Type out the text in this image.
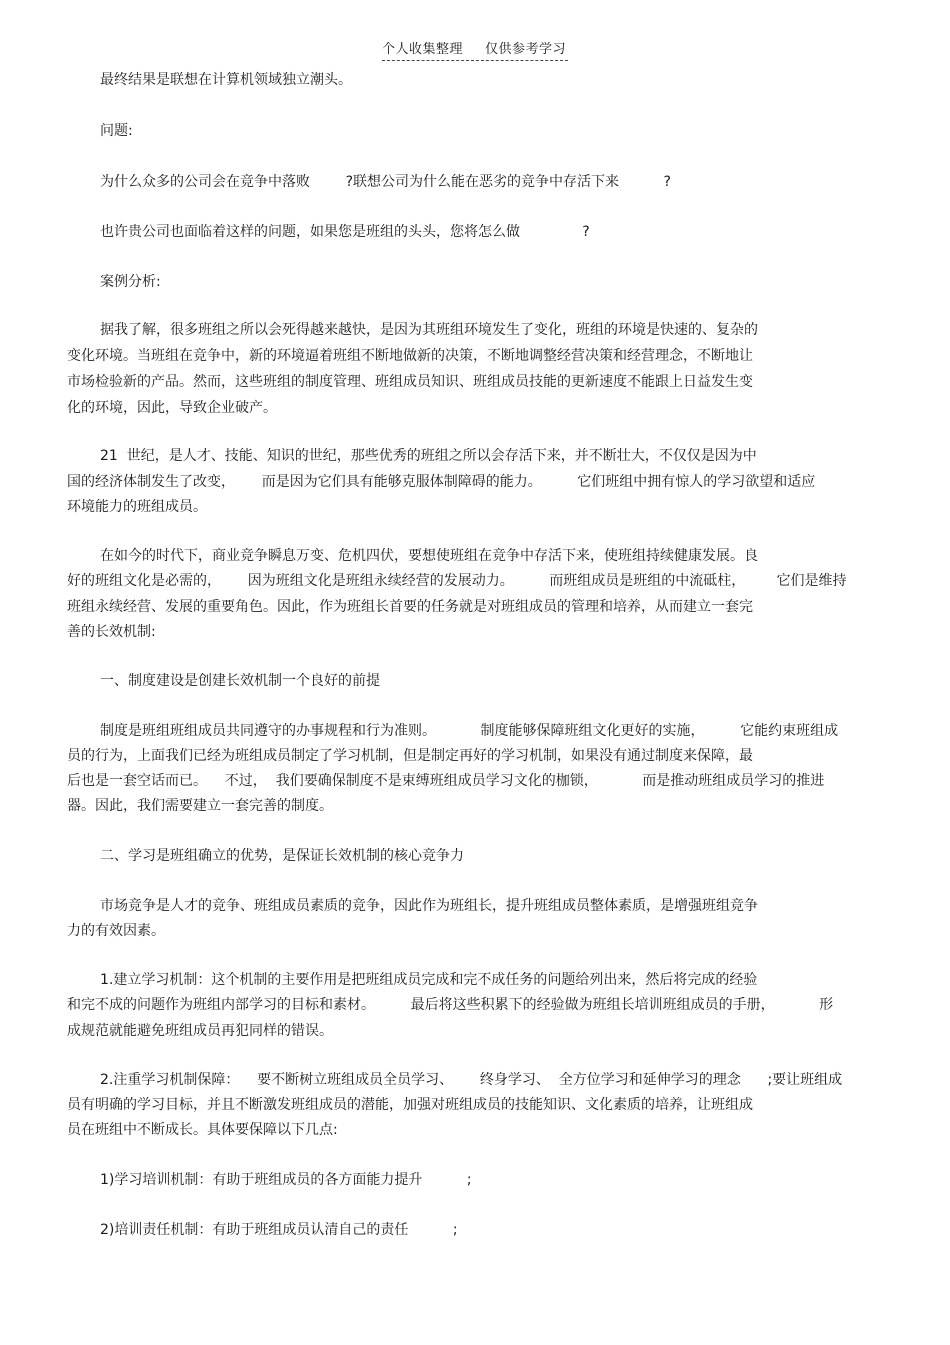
个人收集整理 仅供参考学习
最终结果是联想在计算机领域独立潮头。
问题:
为什么众多的公司会在竞争中落败        ?联想公司为什么能在恶劣的竞争中存活下来          ?
也许贵公司也面临着这样的问题，如果您是班组的头头，您将怎么做              ?
案例分析:
据我了解，很多班组之所以会死得越来越快，是因为其班组环境发生了变化，班组的环境是快速的、复杂的
变化环境。当班组在竞争中，新的环境逼着班组不断地做新的决策，不断地调整经营决策和经营理念，不断地让
市场检验新的产品。然而，这些班组的制度管理、班组成员知识、班组成员技能的更新速度不能跟上日益发生变
化的环境，因此，导致企业破产。
21  世纪，是人才、技能、知识的世纪，那些优秀的班组之所以会存活下来，并不断壮大，不仅仅是因为中
国的经济体制发生了改变，      而是因为它们具有能够克服体制障碍的能力。        它们班组中拥有惊人的学习欲望和适应
环境能力的班组成员。
在如今的时代下，商业竞争瞬息万变、危机四伏，要想使班组在竞争中存活下来，使班组持续健康发展。良
好的班组文化是必需的，      因为班组文化是班组永续经营的发展动力。        而班组成员是班组的中流砥柱，       它们是维持
班组永续经营、发展的重要角色。因此，作为班组长首要的任务就是对班组成员的管理和培养，从而建立一套完
善的长效机制:
一、制度建设是创建长效机制一个良好的前提
制度是班组班组成员共同遵守的办事规程和行为准则。          制度能够保障班组文化更好的实施，        它能约束班组成
员的行为，上面我们已经为班组成员制定了学习机制，但是制定再好的学习机制，如果没有通过制度来保障，最
后也是一套空话而已。    不过，  我们要确保制度不是束缚班组成员学习文化的枷锁，          而是推动班组成员学习的推进
器。因此，我们需要建立一套完善的制度。
二、学习是班组确立的优势，是保证长效机制的核心竞争力
市场竞争是人才的竞争、班组成员素质的竞争，因此作为班组长，提升班组成员整体素质，是增强班组竞争
力的有效因素。
1.建立学习机制：这个机制的主要作用是把班组成员完成和完不成任务的问题给列出来，然后将完成的经验
和完不成的问题作为班组内部学习的目标和素材。        最后将这些积累下的经验做为班组长培训班组成员的手册，          形
成规范就能避免班组成员再犯同样的错误。
2.注重学习机制保障：    要不断树立班组成员全员学习、      终身学习、  全方位学习和延伸学习的理念      ;要让班组成
员有明确的学习目标，并且不断激发班组成员的潜能，加强对班组成员的技能知识、文化素质的培养，让班组成
员在班组中不断成长。具体要保障以下几点:
1)学习培训机制：有助于班组成员的各方面能力提升          ;
2)培训责任机制：有助于班组成员认清自己的责任          ;
